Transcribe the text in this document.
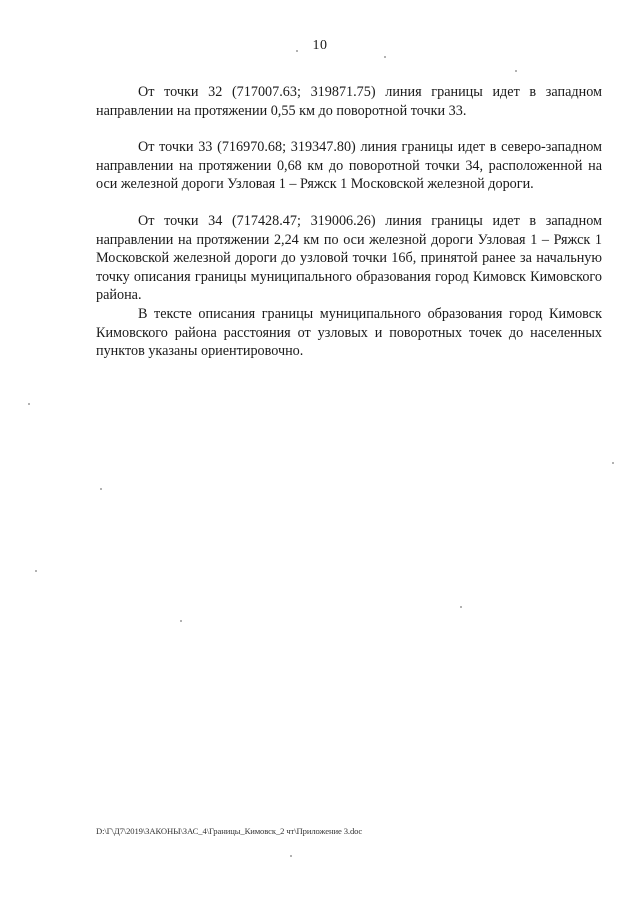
10

От точки 32 (717007.63; 319871.75) линия границы идет в западном направлении на протяжении 0,55 км до поворотной точки 33.

От точки 33 (716970.68; 319347.80) линия границы идет в северо-западном направлении на протяжении 0,68 км до поворотной точки 34, расположенной на оси железной дороги Узловая 1 – Ряжск 1 Московской железной дороги.

От точки 34 (717428.47; 319006.26) линия границы идет в западном направлении на протяжении 2,24 км по оси железной дороги Узловая 1 – Ряжск 1 Московской железной дороги до узловой точки 16б, принятой ранее за начальную точку описания границы муниципального образования город Кимовск Кимовского района.

В тексте описания границы муниципального образования город Кимовск Кимовского района расстояния от узловых и поворотных точек до населенных пунктов указаны ориентировочно.

D:\Г\Д7\2019\ЗАКОНЫ\ЗАС_4\Границы_Кимовск_2 чт\Приложение 3.doc
